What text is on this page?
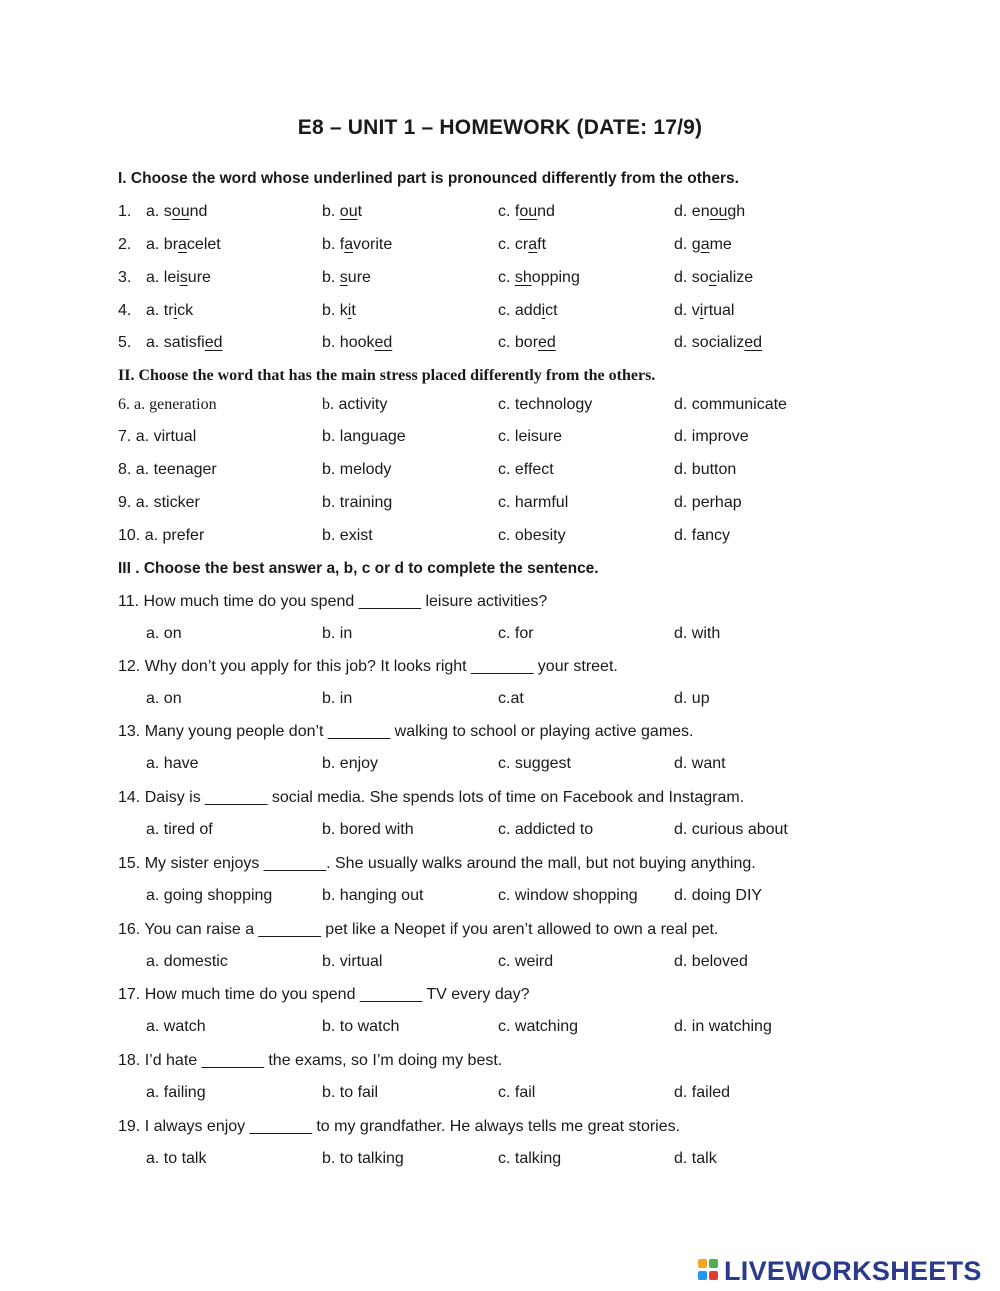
E8 – UNIT 1 – HOMEWORK (DATE: 17/9)
I. Choose the word whose underlined part is pronounced differently from the others.
1. a. sound	b. out	c. found	d. enough
2. a. bracelet	b. favorite	c. craft	d. game
3. a. leisure	b. sure	c. shopping	d. socialize
4. a. trick	b. kit	c. addict	d. virtual
5. a. satisfied	b. hooked	c. bored	d. socialized
II. Choose the word that has the main stress placed differently from the others.
6. a. generation	b. activity	c. technology	d. communicate
7. a. virtual	b. language	c. leisure	d. improve
8. a. teenager	b. melody	c. effect	d. button
9. a. sticker	b. training	c. harmful	d. perhap
10. a. prefer	b. exist	c. obesity	d. fancy
III . Choose the best answer a, b, c or d to complete the sentence.
11. How much time do you spend _______ leisure activities?
a. on	b. in	c. for	d. with
12. Why don’t you apply for this job? It looks right _______ your street.
a. on	b. in	c.at	d. up
13. Many young people don’t _______ walking to school or playing active games.
a. have	b. enjoy	c. suggest	d. want
14. Daisy is _______ social media. She spends lots of time on Facebook and Instagram.
a. tired of	b. bored with	c. addicted to	d. curious about
15. My sister enjoys _______. She usually walks around the mall, but not buying anything.
a. going shopping	b. hanging out	c. window shopping d. doing DIY
16. You can raise a _______ pet like a Neopet if you aren’t allowed to own a real pet.
a. domestic	b. virtual	c. weird	d. beloved
17. How much time do you spend _______ TV every day?
a. watch	b. to watch	c. watching	d. in watching
18. I’d hate _______ the exams, so I’m doing my best.
a. failing	b. to fail	c. fail	d. failed
19. I always enjoy _______ to my grandfather. He always tells me great stories.
a. to talk	b. to talking	c. talking	d. talk
LIVEWORKSHEETS
